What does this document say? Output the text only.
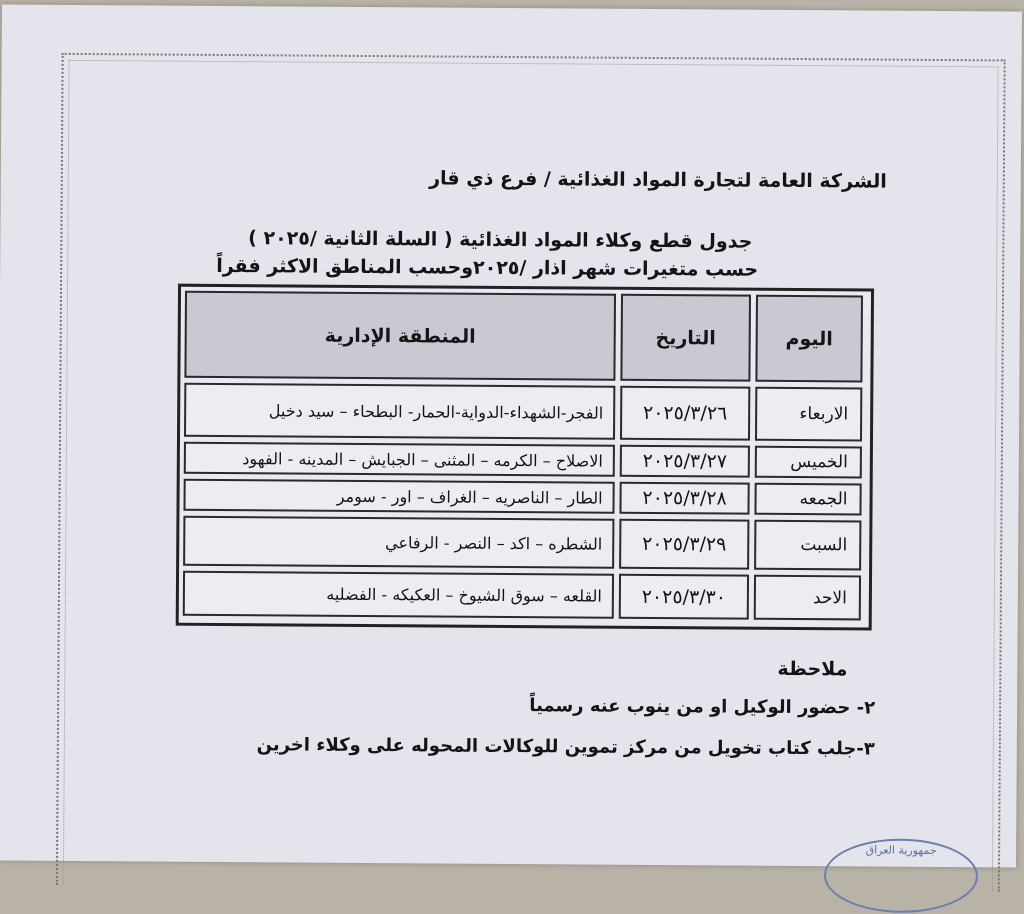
الشركة العامة لتجارة المواد الغذائية / فرع ذي قار
جدول قطع وكلاء المواد الغذائية ( السلة الثانية /٢٠٢٥ )
حسب متغيرات شهر اذار /٢٠٢٥وحسب المناطق الاكثر فقراً
اليوم
التاريخ
المنطقة الإدارية
الاربعاء
٢٠٢٥/٣/٢٦
الفجر-الشهداء-الدواية-الحمار- البطحاء – سيد دخيل
الخميس
٢٠٢٥/٣/٢٧
الاصلاح – الكرمه – المثنى – الجبايش – المدينه - الفهود
الجمعه
٢٠٢٥/٣/٢٨
الطار – الناصريه – الغراف – اور - سومر
السبت
٢٠٢٥/٣/٢٩
الشطره – اكد – النصر - الرفاعي
الاحد
٢٠٢٥/٣/٣٠
القلعه – سوق الشيوخ – العكيكه - الفضليه
ملاحظة
٢- حضور الوكيل او من ينوب عنه رسمياً
٣-جلب كتاب تخويل من مركز تموين للوكالات المحوله على وكلاء اخرين
جمهورية العراق
